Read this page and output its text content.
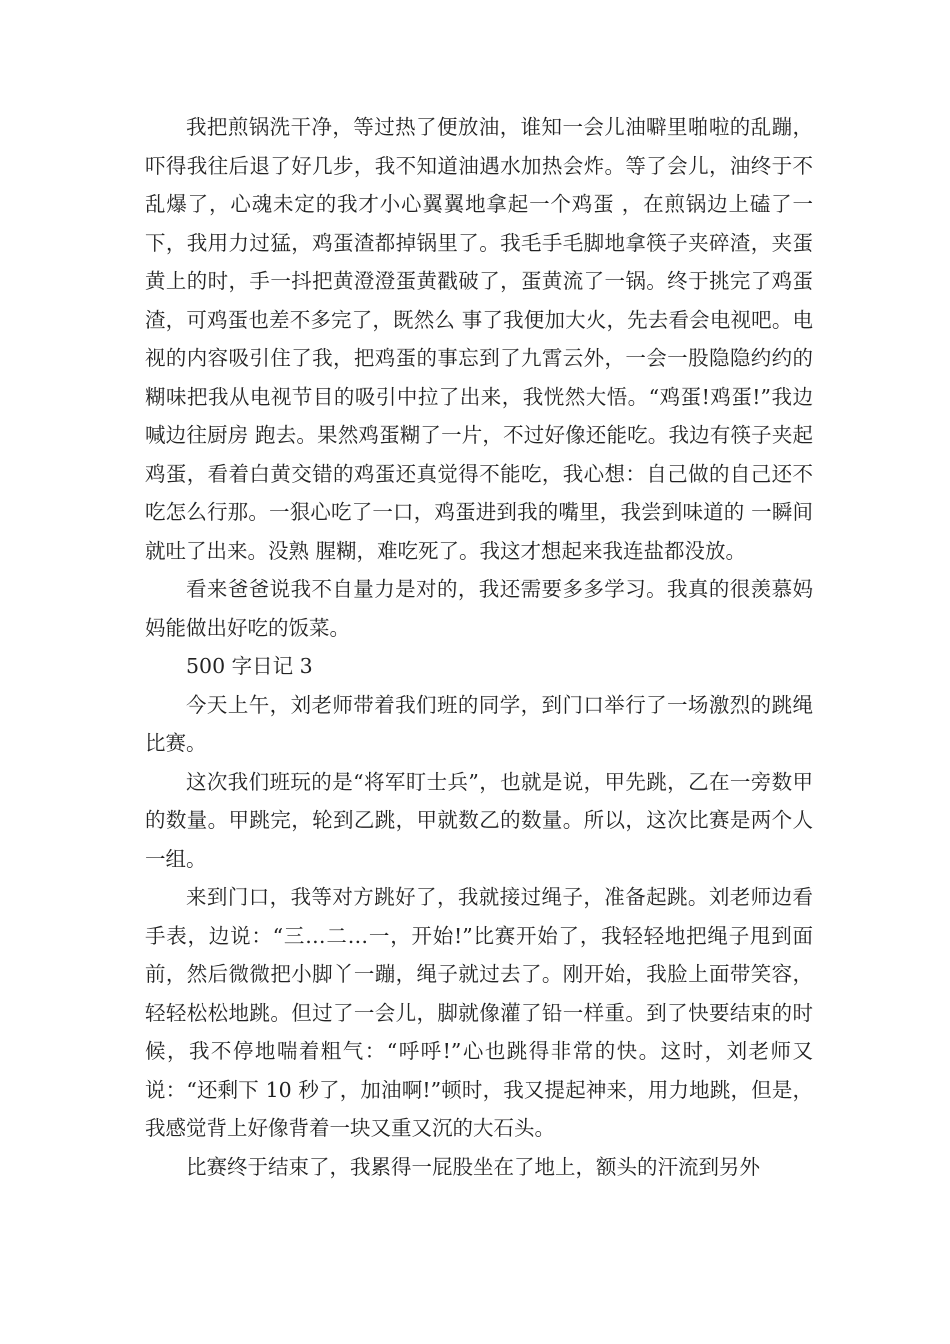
我把煎锅洗干净，等过热了便放油，谁知一会儿油噼里啪啦的乱蹦，吓得我往后退了好几步，我不知道油遇水加热会炸。等了会儿，油终于不乱爆了，心魂未定的我才小心翼翼地拿起一个鸡蛋 ，在煎锅边上磕了一下，我用力过猛，鸡蛋渣都掉锅里了。我毛手毛脚地拿筷子夹碎渣，夹蛋黄上的时，手一抖把黄澄澄蛋黄戳破了，蛋黄流了一锅。终于挑完了鸡蛋渣，可鸡蛋也差不多完了，既然么 事了我便加大火，先去看会电视吧。电视的内容吸引住了我，把鸡蛋的事忘到了九霄云外，一会一股隐隐约约的糊味把我从电视节目的吸引中拉了出来，我恍然大悟。“鸡蛋!鸡蛋!”我边喊边往厨房 跑去。果然鸡蛋糊了一片，不过好像还能吃。我边有筷子夹起鸡蛋，看着白黄交错的鸡蛋还真觉得不能吃，我心想：自己做的自己还不吃怎么行那。一狠心吃了一口，鸡蛋进到我的嘴里，我尝到味道的 一瞬间就吐了出来。没熟 腥糊，难吃死了。我这才想起来我连盐都没放。

看来爸爸说我不自量力是对的，我还需要多多学习。我真的很羡慕妈妈能做出好吃的饭菜。

500 字日记 3

今天上午，刘老师带着我们班的同学，到门口举行了一场激烈的跳绳比赛。

这次我们班玩的是“将军盯士兵”，也就是说，甲先跳，乙在一旁数甲的数量。甲跳完，轮到乙跳，甲就数乙的数量。所以，这次比赛是两个人一组。

来到门口，我等对方跳好了，我就接过绳子，准备起跳。刘老师边看手表，边说：“三…二…一，开始!”比赛开始了，我轻轻地把绳子甩到面前，然后微微把小脚丫一蹦，绳子就过去了。刚开始，我脸上面带笑容，轻轻松松地跳。但过了一会儿，脚就像灌了铅一样重。到了快要结束的时候，我不停地喘着粗气：“呼呼!”心也跳得非常的快。这时，刘老师又说：“还剩下 10 秒了，加油啊!”顿时，我又提起神来，用力地跳，但是，我感觉背上好像背着一块又重又沉的大石头。

比赛终于结束了，我累得一屁股坐在了地上，额头的汗流到另外
